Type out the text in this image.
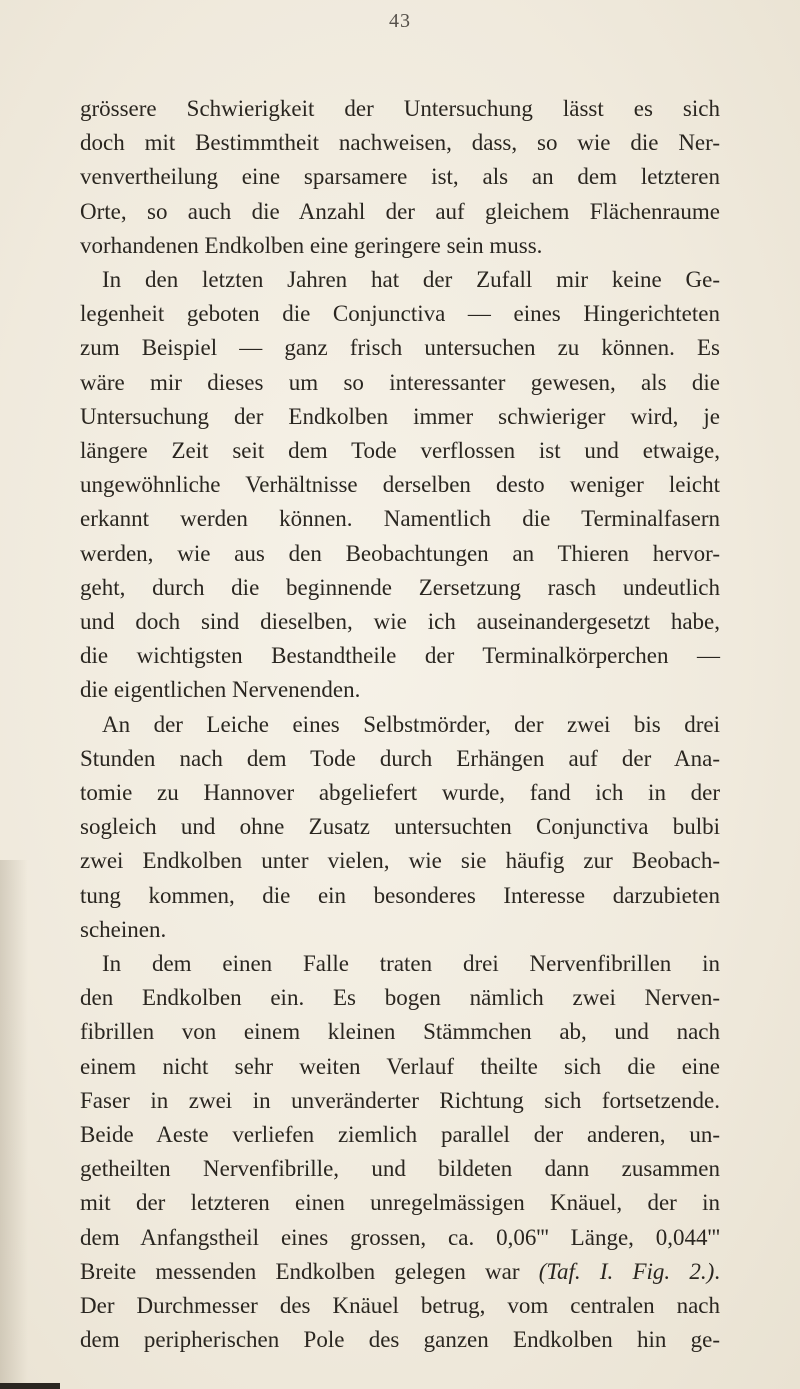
43
grössere Schwierigkeit der Untersuchung lässt es sich
doch mit Bestimmtheit nachweisen, dass, so wie die Ner-
venvertheilung eine sparsamere ist, als an dem letzteren
Orte, so auch die Anzahl der auf gleichem Flächenraume
vorhandenen Endkolben eine geringere sein muss.
In den letzten Jahren hat der Zufall mir keine Ge-
legenheit geboten die Conjunctiva — eines Hingerichteten
zum Beispiel — ganz frisch untersuchen zu können. Es
wäre mir dieses um so interessanter gewesen, als die
Untersuchung der Endkolben immer schwieriger wird, je
längere Zeit seit dem Tode verflossen ist und etwaige,
ungewöhnliche Verhältnisse derselben desto weniger leicht
erkannt werden können. Namentlich die Terminalfasern
werden, wie aus den Beobachtungen an Thieren hervor-
geht, durch die beginnende Zersetzung rasch undeutlich
und doch sind dieselben, wie ich auseinandergesetzt habe,
die wichtigsten Bestandtheile der Terminalkörperchen —
die eigentlichen Nervenenden.
An der Leiche eines Selbstmörder, der zwei bis drei
Stunden nach dem Tode durch Erhängen auf der Ana-
tomie zu Hannover abgeliefert wurde, fand ich in der
sogleich und ohne Zusatz untersuchten Conjunctiva bulbi
zwei Endkolben unter vielen, wie sie häufig zur Beobach-
tung kommen, die ein besonderes Interesse darzubieten
scheinen.
In dem einen Falle traten drei Nervenfibrillen in
den Endkolben ein. Es bogen nämlich zwei Nerven-
fibrillen von einem kleinen Stämmchen ab, und nach
einem nicht sehr weiten Verlauf theilte sich die eine
Faser in zwei in unveränderter Richtung sich fortsetzende.
Beide Aeste verliefen ziemlich parallel der anderen, un-
getheilten Nervenfibrille, und bildeten dann zusammen
mit der letzteren einen unregelmässigen Knäuel, der in
dem Anfangstheil eines grossen, ca. 0,06''' Länge, 0,044'''
Breite messenden Endkolben gelegen war (Taf. I. Fig. 2.).
Der Durchmesser des Knäuel betrug, vom centralen nach
dem peripherischen Pole des ganzen Endkolben hin ge-
